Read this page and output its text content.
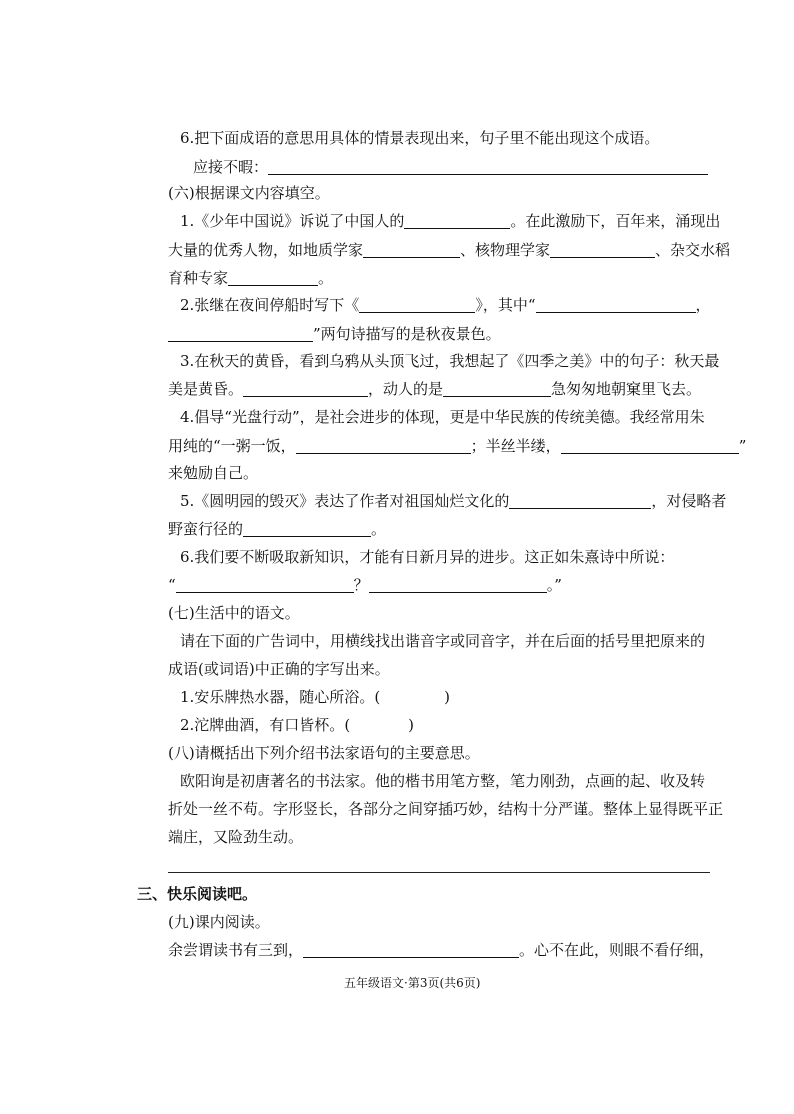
6.把下面成语的意思用具体的情景表现出来，句子里不能出现这个成语。
应接不暇：
(六)根据课文内容填空。
1.《少年中国说》诉说了中国人的	。在此激励下，百年来，涌现出
大量的优秀人物，如地质学家	、核物理学家	、杂交水稻
育种专家	。
2.张继在夜间停船时写下《	》，其中“	，
”两句诗描写的是秋夜景色。
3.在秋天的黄昏，看到乌鸦从头顶飞过，我想起了《四季之美》中的句子：秋天最
美是黄昏。	，动人的是	急匆匆地朝窠里飞去。
4.倡导“光盘行动”，是社会进步的体现，更是中华民族的传统美德。我经常用朱
用纯的“一粥一饭，	；半丝半缕，	”
来勉励自己。
5.《圆明园的毁灭》表达了作者对祖国灿烂文化的	，对侵略者
野蛮行径的	。
6.我们要不断吸取新知识，才能有日新月异的进步。这正如朱熹诗中所说：
“	？	。”
(七)生活中的语文。
请在下面的广告词中，用横线找出谐音字或同音字，并在后面的括号里把原来的
成语(或词语)中正确的字写出来。
1.安乐牌热水器，随心所浴。(	)
2.沱牌曲酒，有口皆杯。(	)
(八)请概括出下列介绍书法家语句的主要意思。
欧阳询是初唐著名的书法家。他的楷书用笔方整，笔力刚劲，点画的起、收及转
折处一丝不苟。字形竖长，各部分之间穿插巧妙，结构十分严谨。整体上显得既平正
端庄，又险劲生动。
三、快乐阅读吧。
(九)课内阅读。
余尝谓读书有三到，	。心不在此，则眼不看仔细，
五年级语文·第3页(共6页)
